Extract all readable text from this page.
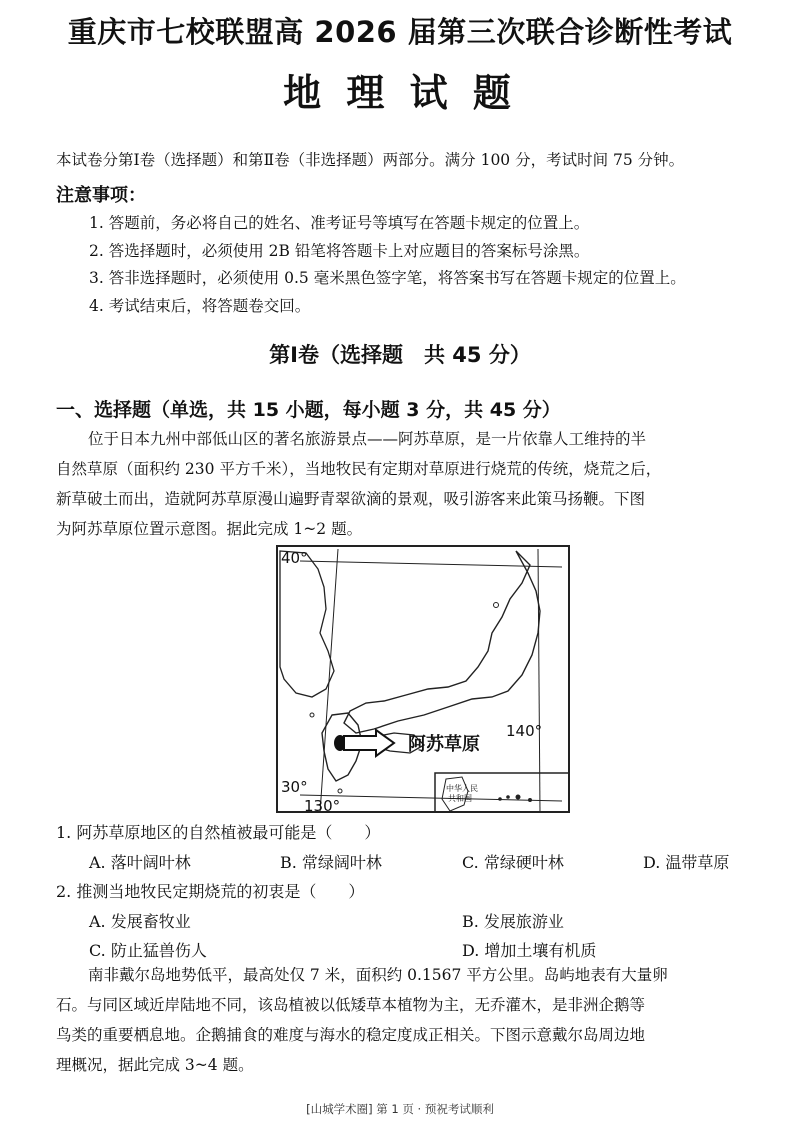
重庆市七校联盟高 2026 届第三次联合诊断性考试
地 理 试 题
本试卷分第Ⅰ卷（选择题）和第Ⅱ卷（非选择题）两部分。满分 100 分，考试时间 75 分钟。
注意事项：
1. 答题前，务必将自己的姓名、准考证号等填写在答题卡规定的位置上。
2. 答选择题时，必须使用 2B 铅笔将答题卡上对应题目的答案标号涂黑。
3. 答非选择题时，必须使用 0.5 毫米黑色签字笔，将答案书写在答题卡规定的位置上。
4. 考试结束后，将答题卷交回。
第Ⅰ卷（选择题　共 45 分）
一、选择题（单选，共 15 小题，每小题 3 分，共 45 分）
位于日本九州中部低山区的著名旅游景点——阿苏草原，是一片依靠人工维持的半
自然草原（面积约 230 平方千米），当地牧民有定期对草原进行烧荒的传统，烧荒之后，
新草破土而出，造就阿苏草原漫山遍野青翠欲滴的景观，吸引游客来此策马扬鞭。下图
为阿苏草原位置示意图。据此完成 1~2 题。
40°
30°
130°
140°
阿苏草原
中华人民
共和国
1. 阿苏草原地区的自然植被最可能是（　　）
A. 落叶阔叶林	B. 常绿阔叶林	C. 常绿硬叶林	D. 温带草原
2. 推测当地牧民定期烧荒的初衷是（　　）
A. 发展畜牧业	B. 发展旅游业
C. 防止猛兽伤人	D. 增加土壤有机质
南非戴尔岛地势低平，最高处仅 7 米，面积约 0.1567 平方公里。岛屿地表有大量卵
石。与同区域近岸陆地不同，该岛植被以低矮草本植物为主，无乔灌木，是非洲企鹅等
鸟类的重要栖息地。企鹅捕食的难度与海水的稳定度成正相关。下图示意戴尔岛周边地
理概况，据此完成 3~4 题。
[山城学术圈] 第 1 页 · 预祝考试顺利
